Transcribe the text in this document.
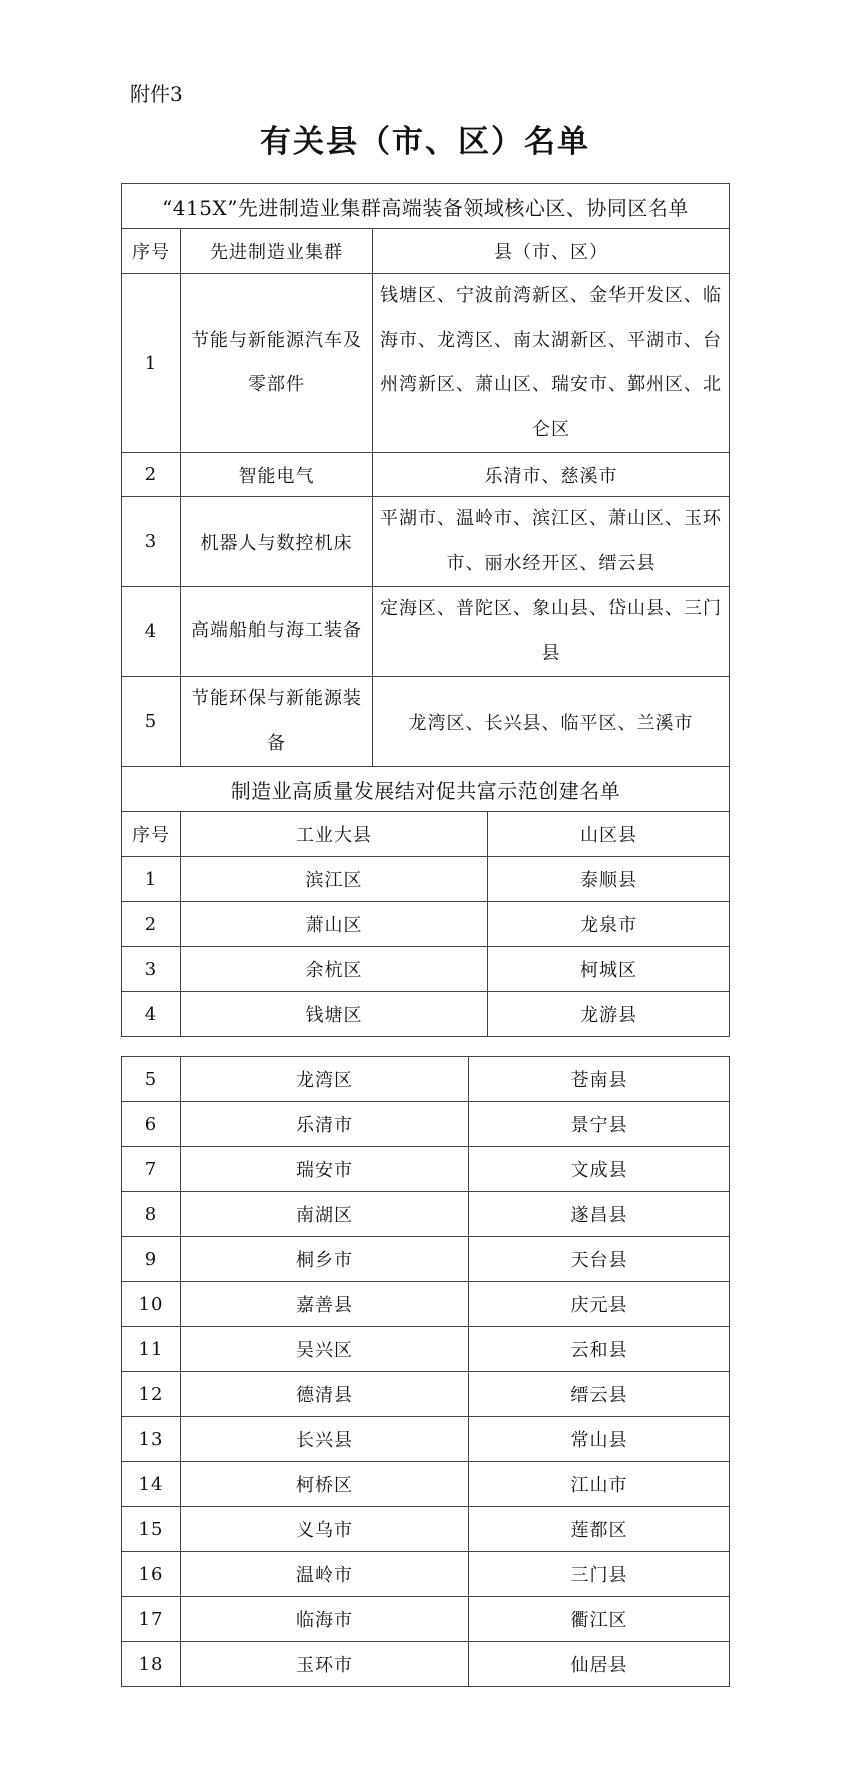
附件3
有关县（市、区）名单
“415X”先进制造业集群高端装备领域核心区、协同区名单			
序号	先进制造业集群	县（市、区）	
1	节能与新能源汽车及零部件	钱塘区、宁波前湾新区、金华开发区、临海市、龙湾区、南太湖新区、平湖市、台州湾新区、萧山区、瑞安市、鄞州区、北仑区	

2	智能电气	乐清市、慈溪市	
3	机器人与数控机床	平湖市、温岭市、滨江区、萧山区、玉环市、丽水经开区、缙云县	

4	高端船舶与海工装备	定海区、普陀区、象山县、岱山县、三门县	

5	节能环保与新能源装备	龙湾区、长兴县、临平区、兰溪市	
制造业高质量发展结对促共富示范创建名单			
序号	工业大县		山区县
1	滨江区		泰顺县
2	萧山区		龙泉市
3	余杭区		柯城区
4	钱塘区		龙游县
5	龙湾区	苍南县
6	乐清市	景宁县
7	瑞安市	文成县
8	南湖区	遂昌县
9	桐乡市	天台县
10	嘉善县	庆元县
11	吴兴区	云和县
12	德清县	缙云县
13	长兴县	常山县
14	柯桥区	江山市
15	义乌市	莲都区
16	温岭市	三门县
17	临海市	衢江区
18	玉环市	仙居县
